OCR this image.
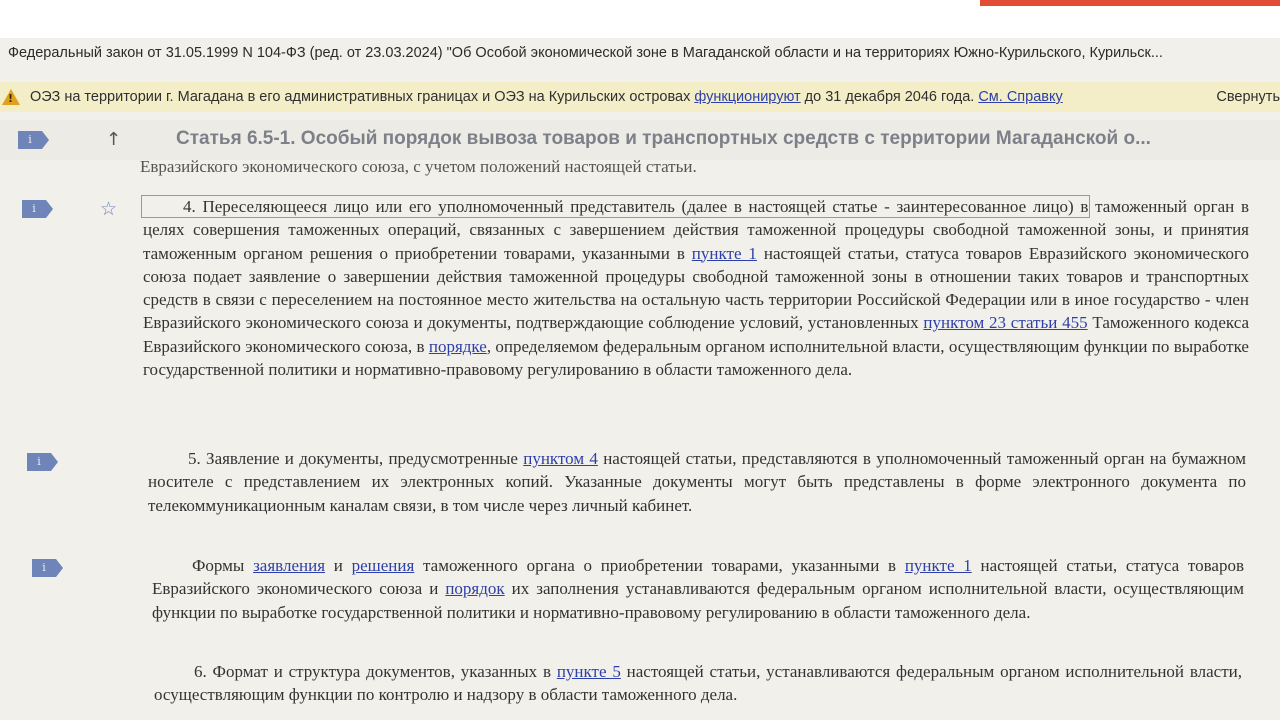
Федеральный закон от 31.05.1999 N 104-ФЗ (ред. от 23.03.2024) "Об Особой экономической зоне в Магаданской области и на территориях Южно-Курильского, Курильск...
! ОЭЗ на территории г. Магадана в его административных границах и ОЭЗ на Курильских островах функционируют до 31 декабря 2046 года. См. Справку	Свернуть
i	↑	Статья 6.5-1. Особый порядок вывоза товаров и транспортных средств с территории Магаданской о...
Евразийского экономического союза, с учетом положений настоящей статьи.
i	☆	4. Переселяющееся лицо или его уполномоченный представитель (далее в настоящей статье - заинтересованное лицо) в таможенный орган в целях совершения таможенных операций, связанных с завершением действия таможенной процедуры свободной таможенной зоны, и принятия таможенным органом решения о приобретении товарами, указанными в пункте 1 настоящей статьи, статуса товаров Евразийского экономического союза подает заявление о завершении действия таможенной процедуры свободной таможенной зоны в отношении таких товаров и транспортных средств в связи с переселением на постоянное место жительства на остальную часть территории Российской Федерации или в иное государство - член Евразийского экономического союза и документы, подтверждающие соблюдение условий, установленных пунктом 23 статьи 455 Таможенного кодекса Евразийского экономического союза, в порядке, определяемом федеральным органом исполнительной власти, осуществляющим функции по выработке государственной политики и нормативно-правовому регулированию в области таможенного дела.
i	5. Заявление и документы, предусмотренные пунктом 4 настоящей статьи, представляются в уполномоченный таможенный орган на бумажном носителе с представлением их электронных копий. Указанные документы могут быть представлены в форме электронного документа по телекоммуникационным каналам связи, в том числе через личный кабинет.
i	Формы заявления и решения таможенного органа о приобретении товарами, указанными в пункте 1 настоящей статьи, статуса товаров Евразийского экономического союза и порядок их заполнения устанавливаются федеральным органом исполнительной власти, осуществляющим функции по выработке государственной политики и нормативно-правовому регулированию в области таможенного дела.
6. Формат и структура документов, указанных в пункте 5 настоящей статьи, устанавливаются федеральным органом исполнительной власти, осуществляющим функции по контролю и надзору в области таможенного дела.
